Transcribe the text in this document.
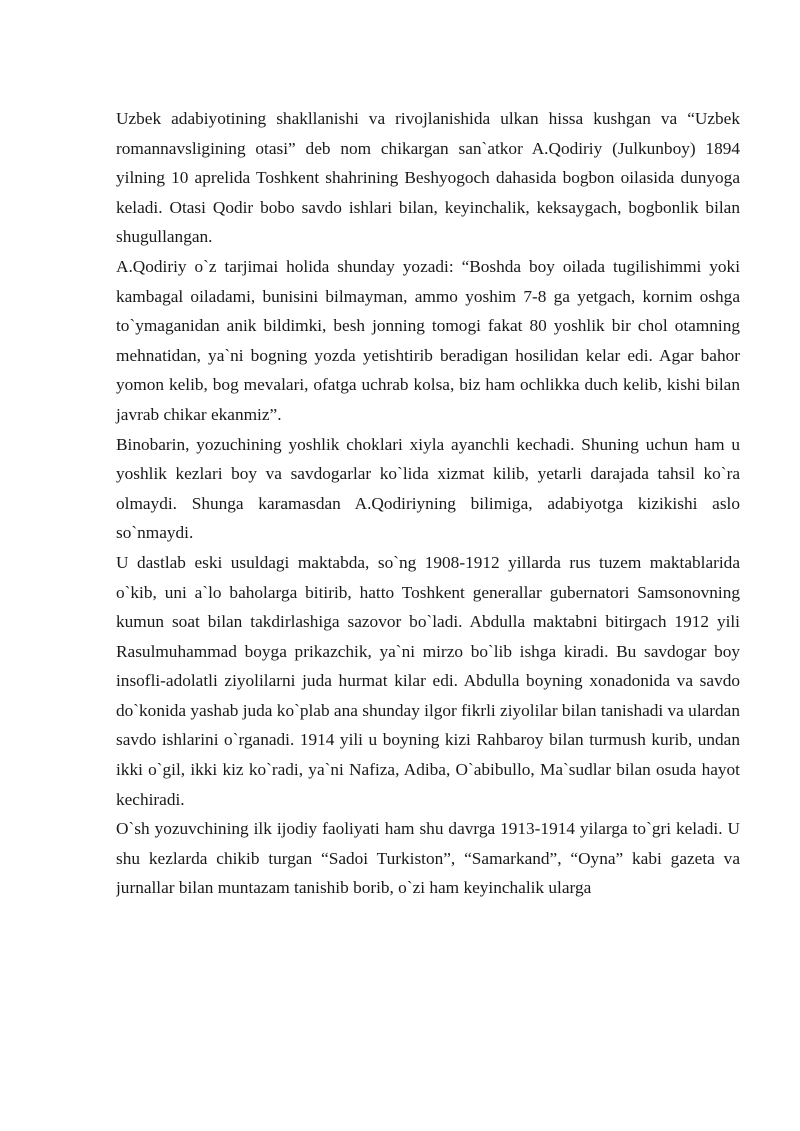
Uzbek adabiyotining shakllanishi va rivojlanishida ulkan hissa kushgan va “Uzbek romannavsligining otasi” deb nom chikargan san`atkor A.Qodiriy (Julkunboy) 1894 yilning 10 aprelida Toshkent shahrining Beshyogoch dahasida bogbon oilasida dunyoga keladi. Otasi Qodir bobo savdo ishlari bilan, keyinchalik, keksaygach, bogbonlik bilan shugullangan.

A.Qodiriy o`z tarjimai holida shunday yozadi: “Boshda boy oilada tugilishimmi yoki kambagal oiladami, bunisini bilmayman, ammo yoshim 7-8 ga yetgach, kornim oshga to`ymaganidan anik bildimki, besh jonning tomogi fakat 80 yoshlik bir chol otamning mehnatidan, ya`ni bogning yozda yetishtirib beradigan hosilidan kelar edi. Agar bahor yomon kelib, bog mevalari, ofatga uchrab kolsa, biz ham ochlikka duch kelib, kishi bilan javrab chikar ekanmiz”.

Binobarin, yozuchining yoshlik choklari xiyla ayanchli kechadi. Shuning uchun ham u yoshlik kezlari boy va savdogarlar ko`lida xizmat kilib, yetarli darajada tahsil ko`ra olmaydi. Shunga karamasdan A.Qodiriyning bilimiga, adabiyotga kizikishi aslo so`nmaydi.

U dastlab eski usuldagi maktabda, so`ng 1908-1912 yillarda rus tuzem maktablarida o`kib, uni a`lo baholarga bitirib, hatto Toshkent generallar gubernatori Samsonovning kumun soat bilan takdirlashiga sazovor bo`ladi. Abdulla maktabni bitirgach 1912 yili Rasulmuhammad boyga prikazchik, ya`ni mirzo bo`lib ishga kiradi. Bu savdogar boy insofli-adolatli ziyolilarni juda hurmat kilar edi. Abdulla boyning xonadonida va savdo do`konida yashab juda ko`plab ana shunday ilgor fikrli ziyolilar bilan tanishadi va ulardan savdo ishlarini o`rganadi. 1914 yili u boyning kizi Rahbaroy bilan turmush kurib, undan ikki o`gil, ikki kiz ko`radi, ya`ni Nafiza, Adiba, O`abibullo, Ma`sudlar bilan osuda hayot kechiradi.

O`sh yozuvchining ilk ijodiy faoliyati ham shu davrga 1913-1914 yilarga to`gri keladi. U shu kezlarda chikib turgan “Sadoi Turkiston”, “Samarkand”, “Oyna” kabi gazeta va jurnallar bilan muntazam tanishib borib, o`zi ham keyinchalik ularga
